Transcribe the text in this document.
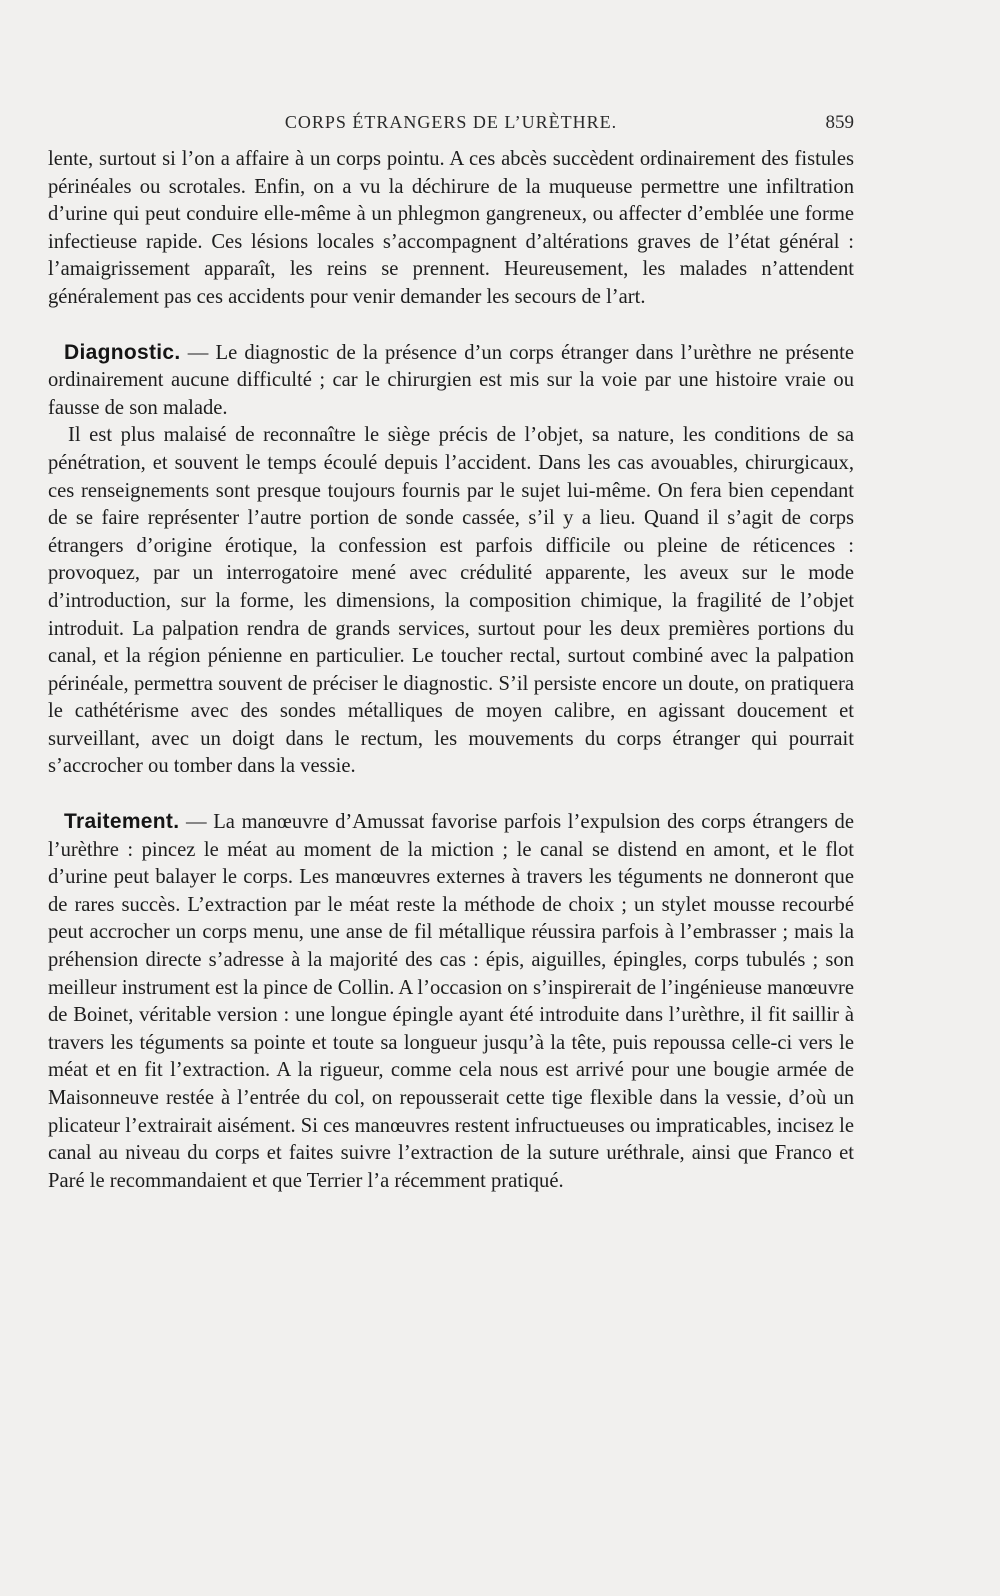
CORPS ÉTRANGERS DE L’URÈTHRE.	859

lente, surtout si l’on a affaire à un corps pointu. A ces abcès succèdent ordinairement des fistules périnéales ou scrotales. Enfin, on a vu la déchirure de la muqueuse permettre une infiltration d’urine qui peut conduire elle-même à un phlegmon gangreneux, ou affecter d’emblée une forme infectieuse rapide. Ces lésions locales s’accompagnent d’altérations graves de l’état général : l’amaigrissement apparaît, les reins se prennent. Heureusement, les malades n’attendent généralement pas ces accidents pour venir demander les secours de l’art.

Diagnostic. — Le diagnostic de la présence d’un corps étranger dans l’urèthre ne présente ordinairement aucune difficulté ; car le chirurgien est mis sur la voie par une histoire vraie ou fausse de son malade.

Il est plus malaisé de reconnaître le siège précis de l’objet, sa nature, les conditions de sa pénétration, et souvent le temps écoulé depuis l’accident. Dans les cas avouables, chirurgicaux, ces renseignements sont presque toujours fournis par le sujet lui-même. On fera bien cependant de se faire représenter l’autre portion de sonde cassée, s’il y a lieu. Quand il s’agit de corps étrangers d’origine érotique, la confession est parfois difficile ou pleine de réticences : provoquez, par un interrogatoire mené avec crédulité apparente, les aveux sur le mode d’introduction, sur la forme, les dimensions, la composition chimique, la fragilité de l’objet introduit. La palpation rendra de grands services, surtout pour les deux premières portions du canal, et la région pénienne en particulier. Le toucher rectal, surtout combiné avec la palpation périnéale, permettra souvent de préciser le diagnostic. S’il persiste encore un doute, on pratiquera le cathétérisme avec des sondes métalliques de moyen calibre, en agissant doucement et surveillant, avec un doigt dans le rectum, les mouvements du corps étranger qui pourrait s’accrocher ou tomber dans la vessie.

Traitement. — La manœuvre d’Amussat favorise parfois l’expulsion des corps étrangers de l’urèthre : pincez le méat au moment de la miction ; le canal se distend en amont, et le flot d’urine peut balayer le corps. Les manœuvres externes à travers les téguments ne donneront que de rares succès. L’extraction par le méat reste la méthode de choix ; un stylet mousse recourbé peut accrocher un corps menu, une anse de fil métallique réussira parfois à l’embrasser ; mais la préhension directe s’adresse à la majorité des cas : épis, aiguilles, épingles, corps tubulés ; son meilleur instrument est la pince de Collin. A l’occasion on s’inspirerait de l’ingénieuse manœuvre de Boinet, véritable version : une longue épingle ayant été introduite dans l’urèthre, il fit saillir à travers les téguments sa pointe et toute sa longueur jusqu’à la tête, puis repoussa celle-ci vers le méat et en fit l’extraction. A la rigueur, comme cela nous est arrivé pour une bougie armée de Maisonneuve restée à l’entrée du col, on repousserait cette tige flexible dans la vessie, d’où un plicateur l’extrairait aisément. Si ces manœuvres restent infructueuses ou impraticables, incisez le canal au niveau du corps et faites suivre l’extraction de la suture uréthrale, ainsi que Franco et Paré le recommandaient et que Terrier l’a récemment pratiqué.
